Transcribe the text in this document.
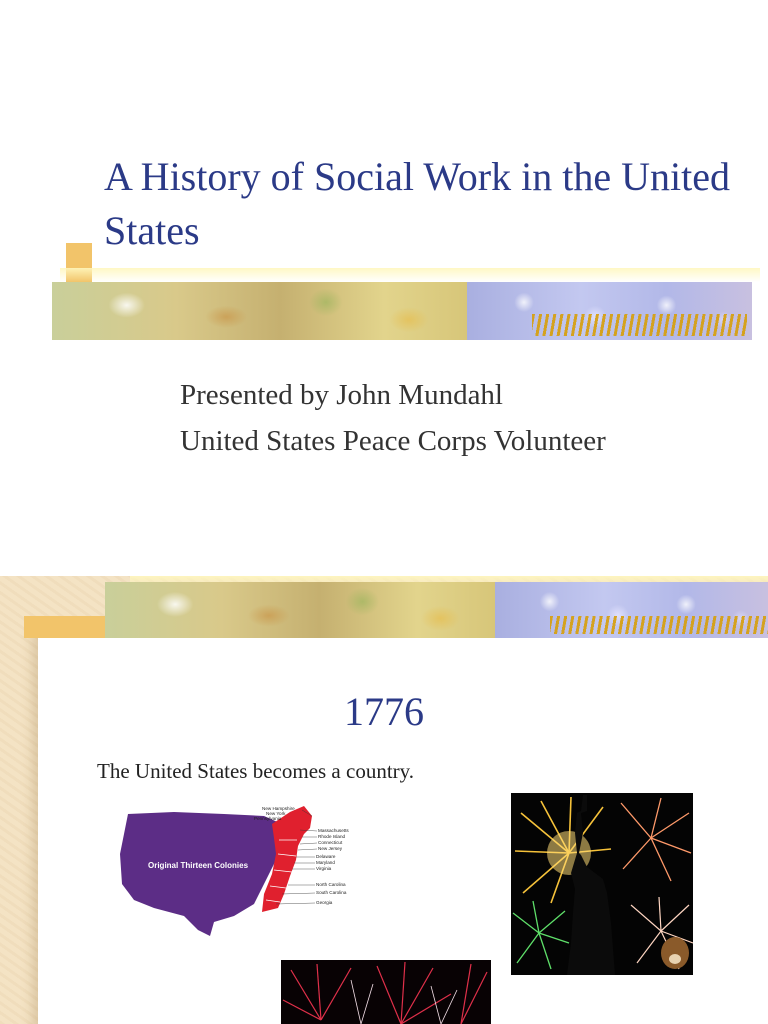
A History of Social Work in the United States
Presented by John Mundahl
United States Peace Corps Volunteer
1776
The United States becomes a country.
Original Thirteen Colonies
New Hampshire
New York
Pennsylvania
Massachusetts
Rhode Island
Connecticut
New Jersey
Delaware
Maryland
Virginia
North Carolina
South Carolina
Georgia
